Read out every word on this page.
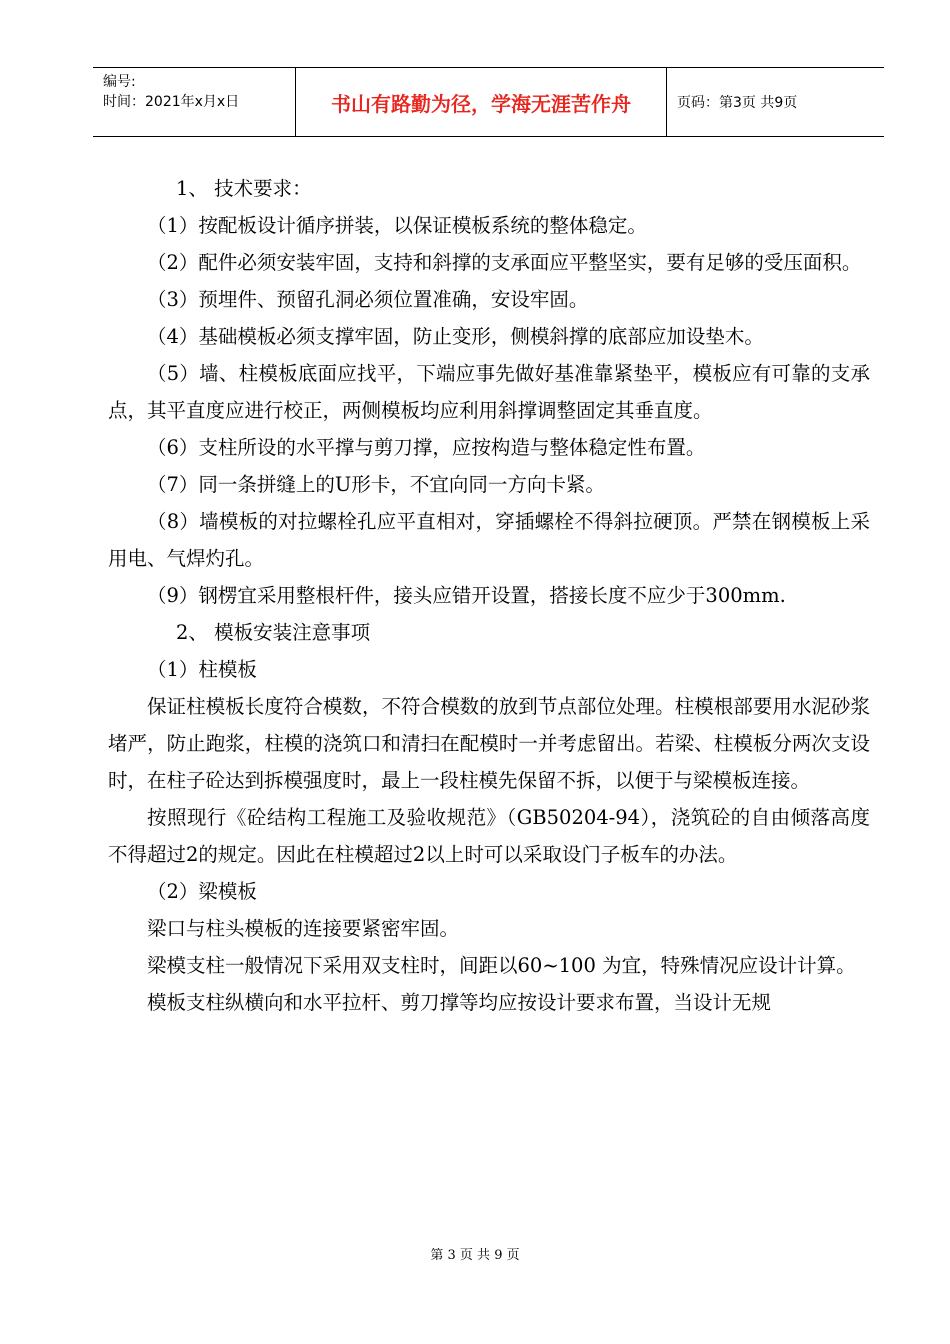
编号:
时间：2021年x月x日	书山有路勤为径，学海无涯苦作舟	页码：第3页 共9页

1、 技术要求：

（1）按配板设计循序拼装，以保证模板系统的整体稳定。

（2）配件必须安装牢固，支持和斜撑的支承面应平整坚实，要有足够的受压面积。

（3）预埋件、预留孔洞必须位置准确，安设牢固。

（4）基础模板必须支撑牢固，防止变形，侧模斜撑的底部应加设垫木。

（5）墙、柱模板底面应找平，下端应事先做好基准靠紧垫平，模板应有可靠的支承点，其平直度应进行校正，两侧模板均应利用斜撑调整固定其垂直度。

（6）支柱所设的水平撑与剪刀撑，应按构造与整体稳定性布置。

（7）同一条拼缝上的U形卡，不宜向同一方向卡紧。

（8）墙模板的对拉螺栓孔应平直相对，穿插螺栓不得斜拉硬顶。严禁在钢模板上采用电、气焊灼孔。

（9）钢楞宜采用整根杆件，接头应错开设置，搭接长度不应少于300mm.

2、 模板安装注意事项

（1）柱模板

保证柱模板长度符合模数，不符合模数的放到节点部位处理。柱模根部要用水泥砂浆堵严，防止跑浆，柱模的浇筑口和清扫在配模时一并考虑留出。若梁、柱模板分两次支设时，在柱子砼达到拆模强度时，最上一段柱模先保留不拆，以便于与梁模板连接。

按照现行《砼结构工程施工及验收规范》（GB50204-94），浇筑砼的自由倾落高度不得超过2的规定。因此在柱模超过2以上时可以采取设门子板车的办法。

（2）梁模板

梁口与柱头模板的连接要紧密牢固。

梁模支柱一般情况下采用双支柱时，间距以60~100 为宜，特殊情况应设计计算。

模板支柱纵横向和水平拉杆、剪刀撑等均应按设计要求布置，当设计无规

第 3 页 共 9 页
